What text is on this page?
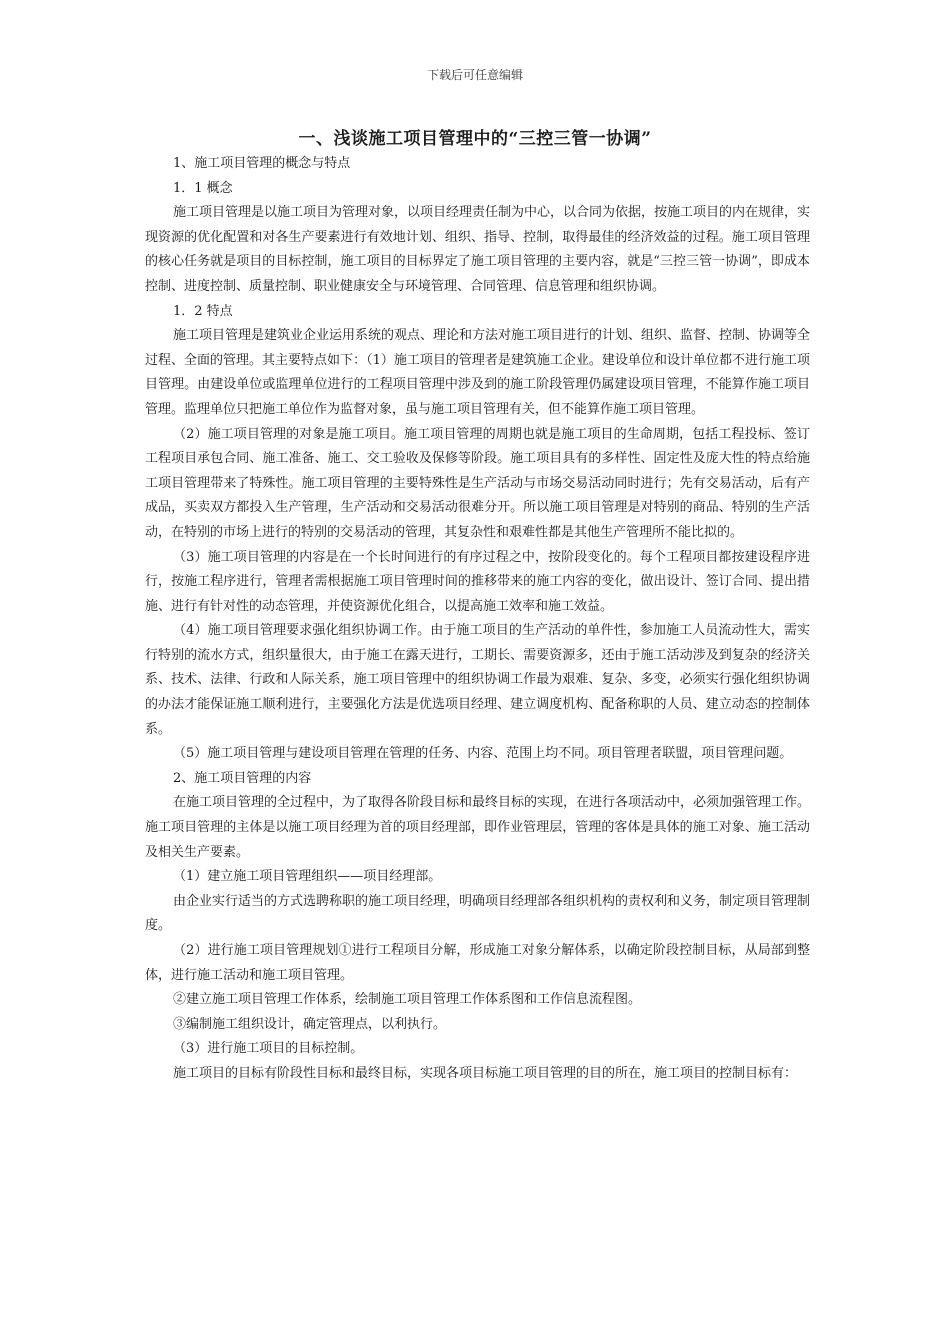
下载后可任意编辑
一、浅谈施工项目管理中的“三控三管一协调”

1、施工项目管理的概念与特点

1．1 概念

施工项目管理是以施工项目为管理对象，以项目经理责任制为中心，以合同为依据，按施工项目的内在规律，实现资源的优化配置和对各生产要素进行有效地计划、组织、指导、控制，取得最佳的经济效益的过程。施工项目管理的核心任务就是项目的目标控制，施工项目的目标界定了施工项目管理的主要内容，就是“三控三管一协调”，即成本控制、进度控制、质量控制、职业健康安全与环境管理、合同管理、信息管理和组织协调。

1．2 特点

施工项目管理是建筑业企业运用系统的观点、理论和方法对施工项目进行的计划、组织、监督、控制、协调等全过程、全面的管理。其主要特点如下：（1）施工项目的管理者是建筑施工企业。建设单位和设计单位都不进行施工项目管理。由建设单位或监理单位进行的工程项目管理中涉及到的施工阶段管理仍属建设项目管理，不能算作施工项目管理。监理单位只把施工单位作为监督对象，虽与施工项目管理有关，但不能算作施工项目管理。

（2）施工项目管理的对象是施工项目。施工项目管理的周期也就是施工项目的生命周期，包括工程投标、签订工程项目承包合同、施工准备、施工、交工验收及保修等阶段。施工项目具有的多样性、固定性及庞大性的特点给施工项目管理带来了特殊性。施工项目管理的主要特殊性是生产活动与市场交易活动同时进行；先有交易活动，后有产成品，买卖双方都投入生产管理，生产活动和交易活动很难分开。所以施工项目管理是对特别的商品、特别的生产活动，在特别的市场上进行的特别的交易活动的管理，其复杂性和艰难性都是其他生产管理所不能比拟的。

（3）施工项目管理的内容是在一个长时间进行的有序过程之中，按阶段变化的。每个工程项目都按建设程序进行，按施工程序进行，管理者需根据施工项目管理时间的推移带来的施工内容的变化，做出设计、签订合同、提出措施、进行有针对性的动态管理，并使资源优化组合，以提高施工效率和施工效益。

（4）施工项目管理要求强化组织协调工作。由于施工项目的生产活动的单件性，参加施工人员流动性大，需实行特别的流水方式，组织量很大，由于施工在露天进行，工期长、需要资源多，还由于施工活动涉及到复杂的经济关系、技术、法律、行政和人际关系，施工项目管理中的组织协调工作最为艰难、复杂、多变，必须实行强化组织协调的办法才能保证施工顺利进行，主要强化方法是优选项目经理、建立调度机构、配备称职的人员、建立动态的控制体系。

（5）施工项目管理与建设项目管理在管理的任务、内容、范围上均不同。项目管理者联盟，项目管理问题。

2、施工项目管理的内容

在施工项目管理的全过程中，为了取得各阶段目标和最终目标的实现，在进行各项活动中，必须加强管理工作。施工项目管理的主体是以施工项目经理为首的项目经理部，即作业管理层，管理的客体是具体的施工对象、施工活动及相关生产要素。

（1）建立施工项目管理组织——项目经理部。

由企业实行适当的方式选聘称职的施工项目经理，明确项目经理部各组织机构的责权利和义务，制定项目管理制度。

（2）进行施工项目管理规划①进行工程项目分解，形成施工对象分解体系，以确定阶段控制目标，从局部到整体，进行施工活动和施工项目管理。

②建立施工项目管理工作体系，绘制施工项目管理工作体系图和工作信息流程图。

③编制施工组织设计，确定管理点，以利执行。

（3）进行施工项目的目标控制。

施工项目的目标有阶段性目标和最终目标，实现各项目标施工项目管理的目的所在，施工项目的控制目标有：
